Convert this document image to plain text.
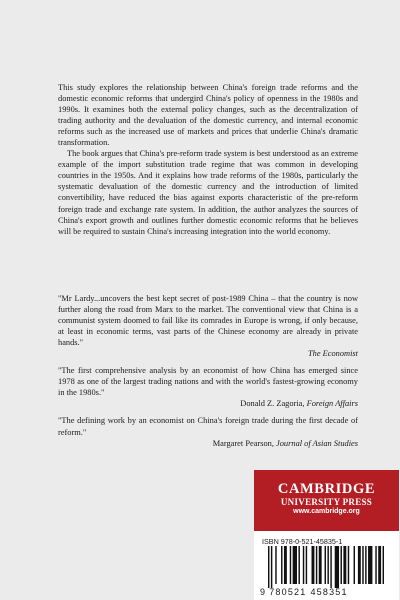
This study explores the relationship between China's foreign trade reforms and the domestic economic reforms that undergird China's policy of openness in the 1980s and 1990s. It examines both the external policy changes, such as the decentralization of trading authority and the devaluation of the domestic currency, and internal economic reforms such as the increased use of markets and prices that underlie China's dramatic transformation.

The book argues that China's pre-reform trade system is best understood as an extreme example of the import substitution trade regime that was common in developing countries in the 1950s. And it explains how trade reforms of the 1980s, particularly the systematic devaluation of the domestic currency and the introduction of limited convertibility, have reduced the bias against exports characteristic of the pre-reform foreign trade and exchange rate system. In addition, the author analyzes the sources of China's export growth and outlines further domestic economic reforms that he believes will be required to sustain China's increasing integration into the world economy.

"Mr Lardy...uncovers the best kept secret of post-1989 China – that the country is now further along the road from Marx to the market. The conventional view that China is a communist system doomed to fail like its comrades in Europe is wrong, if only because, at least in economic terms, vast parts of the Chinese economy are already in private hands."
The Economist
"The first comprehensive analysis by an economist of how China has emerged since 1978 as one of the largest trading nations and with the world's fastest-growing economy in the 1980s."
Donald Z. Zagoria, Foreign Affairs
"The defining work by an economist on China's foreign trade during the first decade of reform."
Margaret Pearson, Journal of Asian Studies
CAMBRIDGE
UNIVERSITY PRESS
www.cambridge.org
ISBN 978-0-521-45835-1
9 780521 458351
